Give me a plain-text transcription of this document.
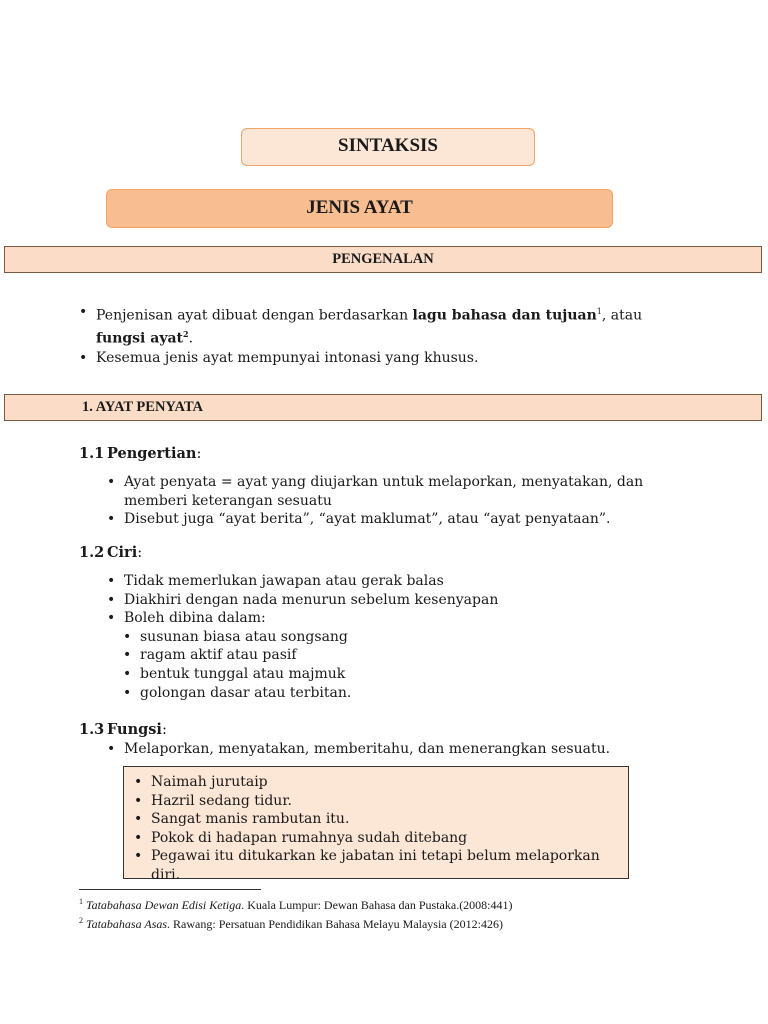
SINTAKSIS
JENIS AYAT
PENGENALAN
• Penjenisan ayat dibuat dengan berdasarkan lagu bahasa dan tujuan$^1$, atau fungsi ayat$^2$.
• Kesemua jenis ayat mempunyai intonasi yang khusus.
1. AYAT PENYATA
1.1 Pengertian:
• Ayat penyata = ayat yang diujarkan untuk melaporkan, menyatakan, dan memberi keterangan sesuatu
• Disebut juga “ayat berita”, “ayat maklumat”, atau “ayat penyataan”.
1.2 Ciri:
• Tidak memerlukan jawapan atau gerak balas
• Diakhiri dengan nada menurun sebelum kesenyapan
• Boleh dibina dalam:
• susunan biasa atau songsang
• ragam aktif atau pasif
• bentuk tunggal atau majmuk
• golongan dasar atau terbitan.
1.3 Fungsi:
• Melaporkan, menyatakan, memberitahu, dan menerangkan sesuatu.
• Naimah jurutaip
• Hazril sedang tidur.
• Sangat manis rambutan itu.
• Pokok di hadapan rumahnya sudah ditebang
• Pegawai itu ditukarkan ke jabatan ini tetapi belum melaporkan diri.
$^1$ Tatabahasa Dewan Edisi Ketiga. Kuala Lumpur: Dewan Bahasa dan Pustaka.(2008:441)
$^2$ Tatabahasa Asas. Rawang: Persatuan Pendidikan Bahasa Melayu Malaysia (2012:426)
